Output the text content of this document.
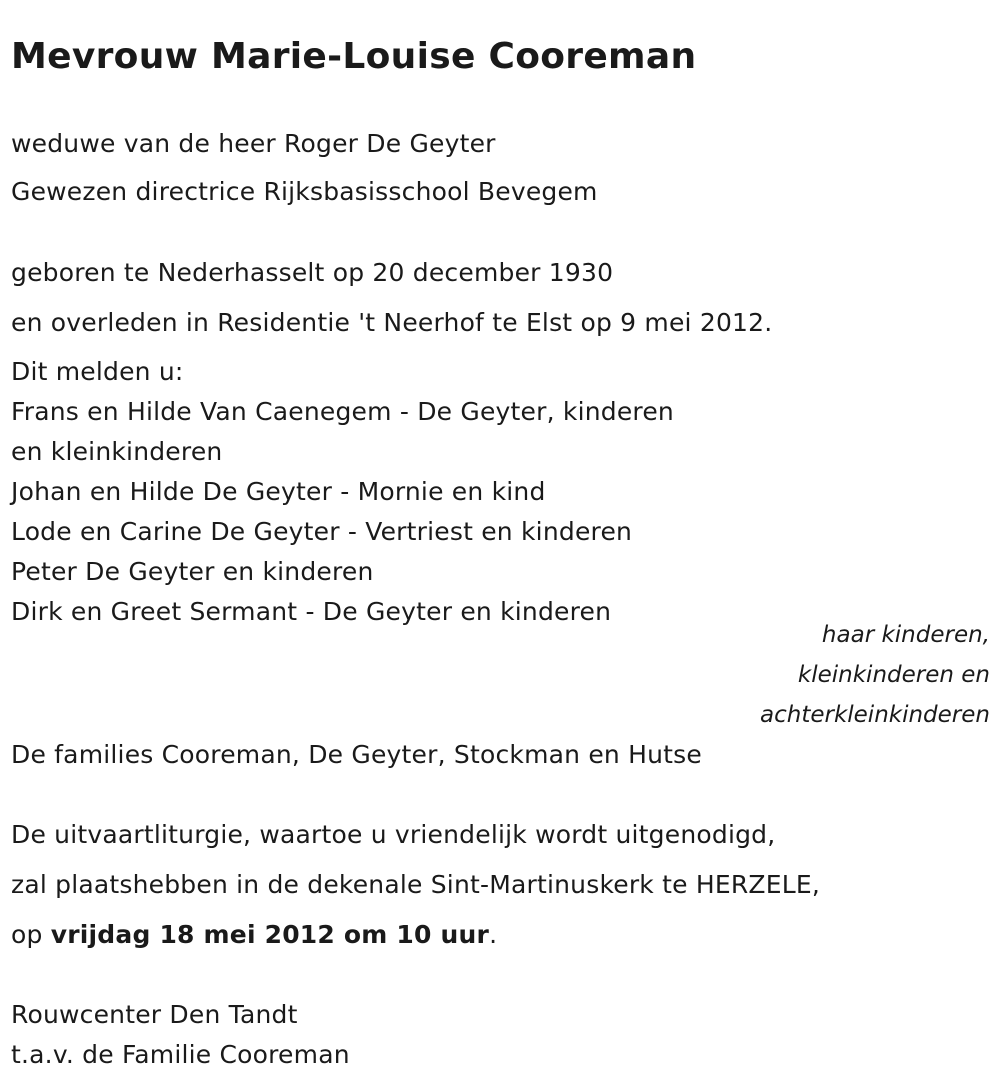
Mevrouw Marie-Louise Cooreman

weduwe van de heer Roger De Geyter

Gewezen directrice Rijksbasisschool Bevegem

geboren te Nederhasselt op 20 december 1930

en overleden in Residentie 't Neerhof te Elst op 9 mei 2012.

Dit melden u:

Frans en Hilde Van Caenegem - De Geyter, kinderen

en kleinkinderen

Johan en Hilde De Geyter - Mornie en kind

Lode en Carine De Geyter - Vertriest en kinderen

Peter De Geyter en kinderen

Dirk en Greet Sermant - De Geyter en kinderen

haar kinderen,

kleinkinderen en

achterkleinkinderen

De families Cooreman, De Geyter, Stockman en Hutse

De uitvaartliturgie, waartoe u vriendelijk wordt uitgenodigd,

zal plaatshebben in de dekenale Sint-Martinuskerk te HERZELE,

op vrijdag 18 mei 2012 om 10 uur.

Rouwcenter Den Tandt

t.a.v. de Familie Cooreman
